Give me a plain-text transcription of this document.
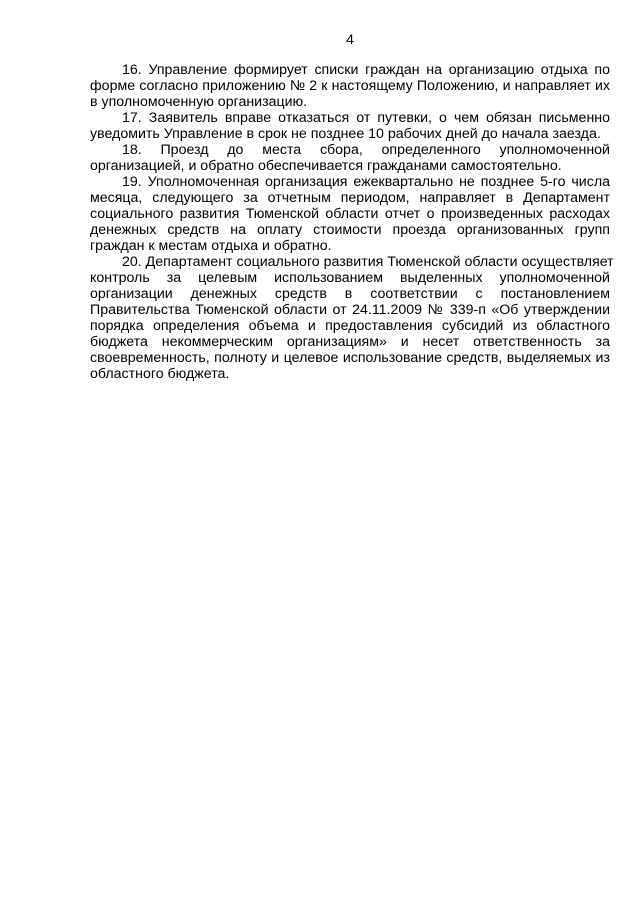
4
16. Управление формирует списки граждан на организацию отдыха по
форме согласно приложению № 2 к настоящему Положению, и направляет их
в уполномоченную организацию.
17. Заявитель вправе отказаться от путевки, о чем обязан письменно
уведомить Управление в срок не позднее 10 рабочих дней до начала заезда.
18. Проезд до места сбора, определенного уполномоченной
организацией, и обратно обеспечивается гражданами самостоятельно.
19. Уполномоченная организация ежеквартально не позднее 5-го числа
месяца, следующего за отчетным периодом, направляет в Департамент
социального развития Тюменской области отчет о произведенных расходах
денежных средств на оплату стоимости проезда организованных групп
граждан к местам отдыха и обратно.
20. Департамент социального развития Тюменской области осуществляет
контроль за целевым использованием выделенных уполномоченной
организации денежных средств в соответствии с постановлением
Правительства Тюменской области от 24.11.2009 № 339-п «Об утверждении
порядка определения объема и предоставления субсидий из областного
бюджета некоммерческим организациям» и несет ответственность за
своевременность, полноту и целевое использование средств, выделяемых из
областного бюджета.
